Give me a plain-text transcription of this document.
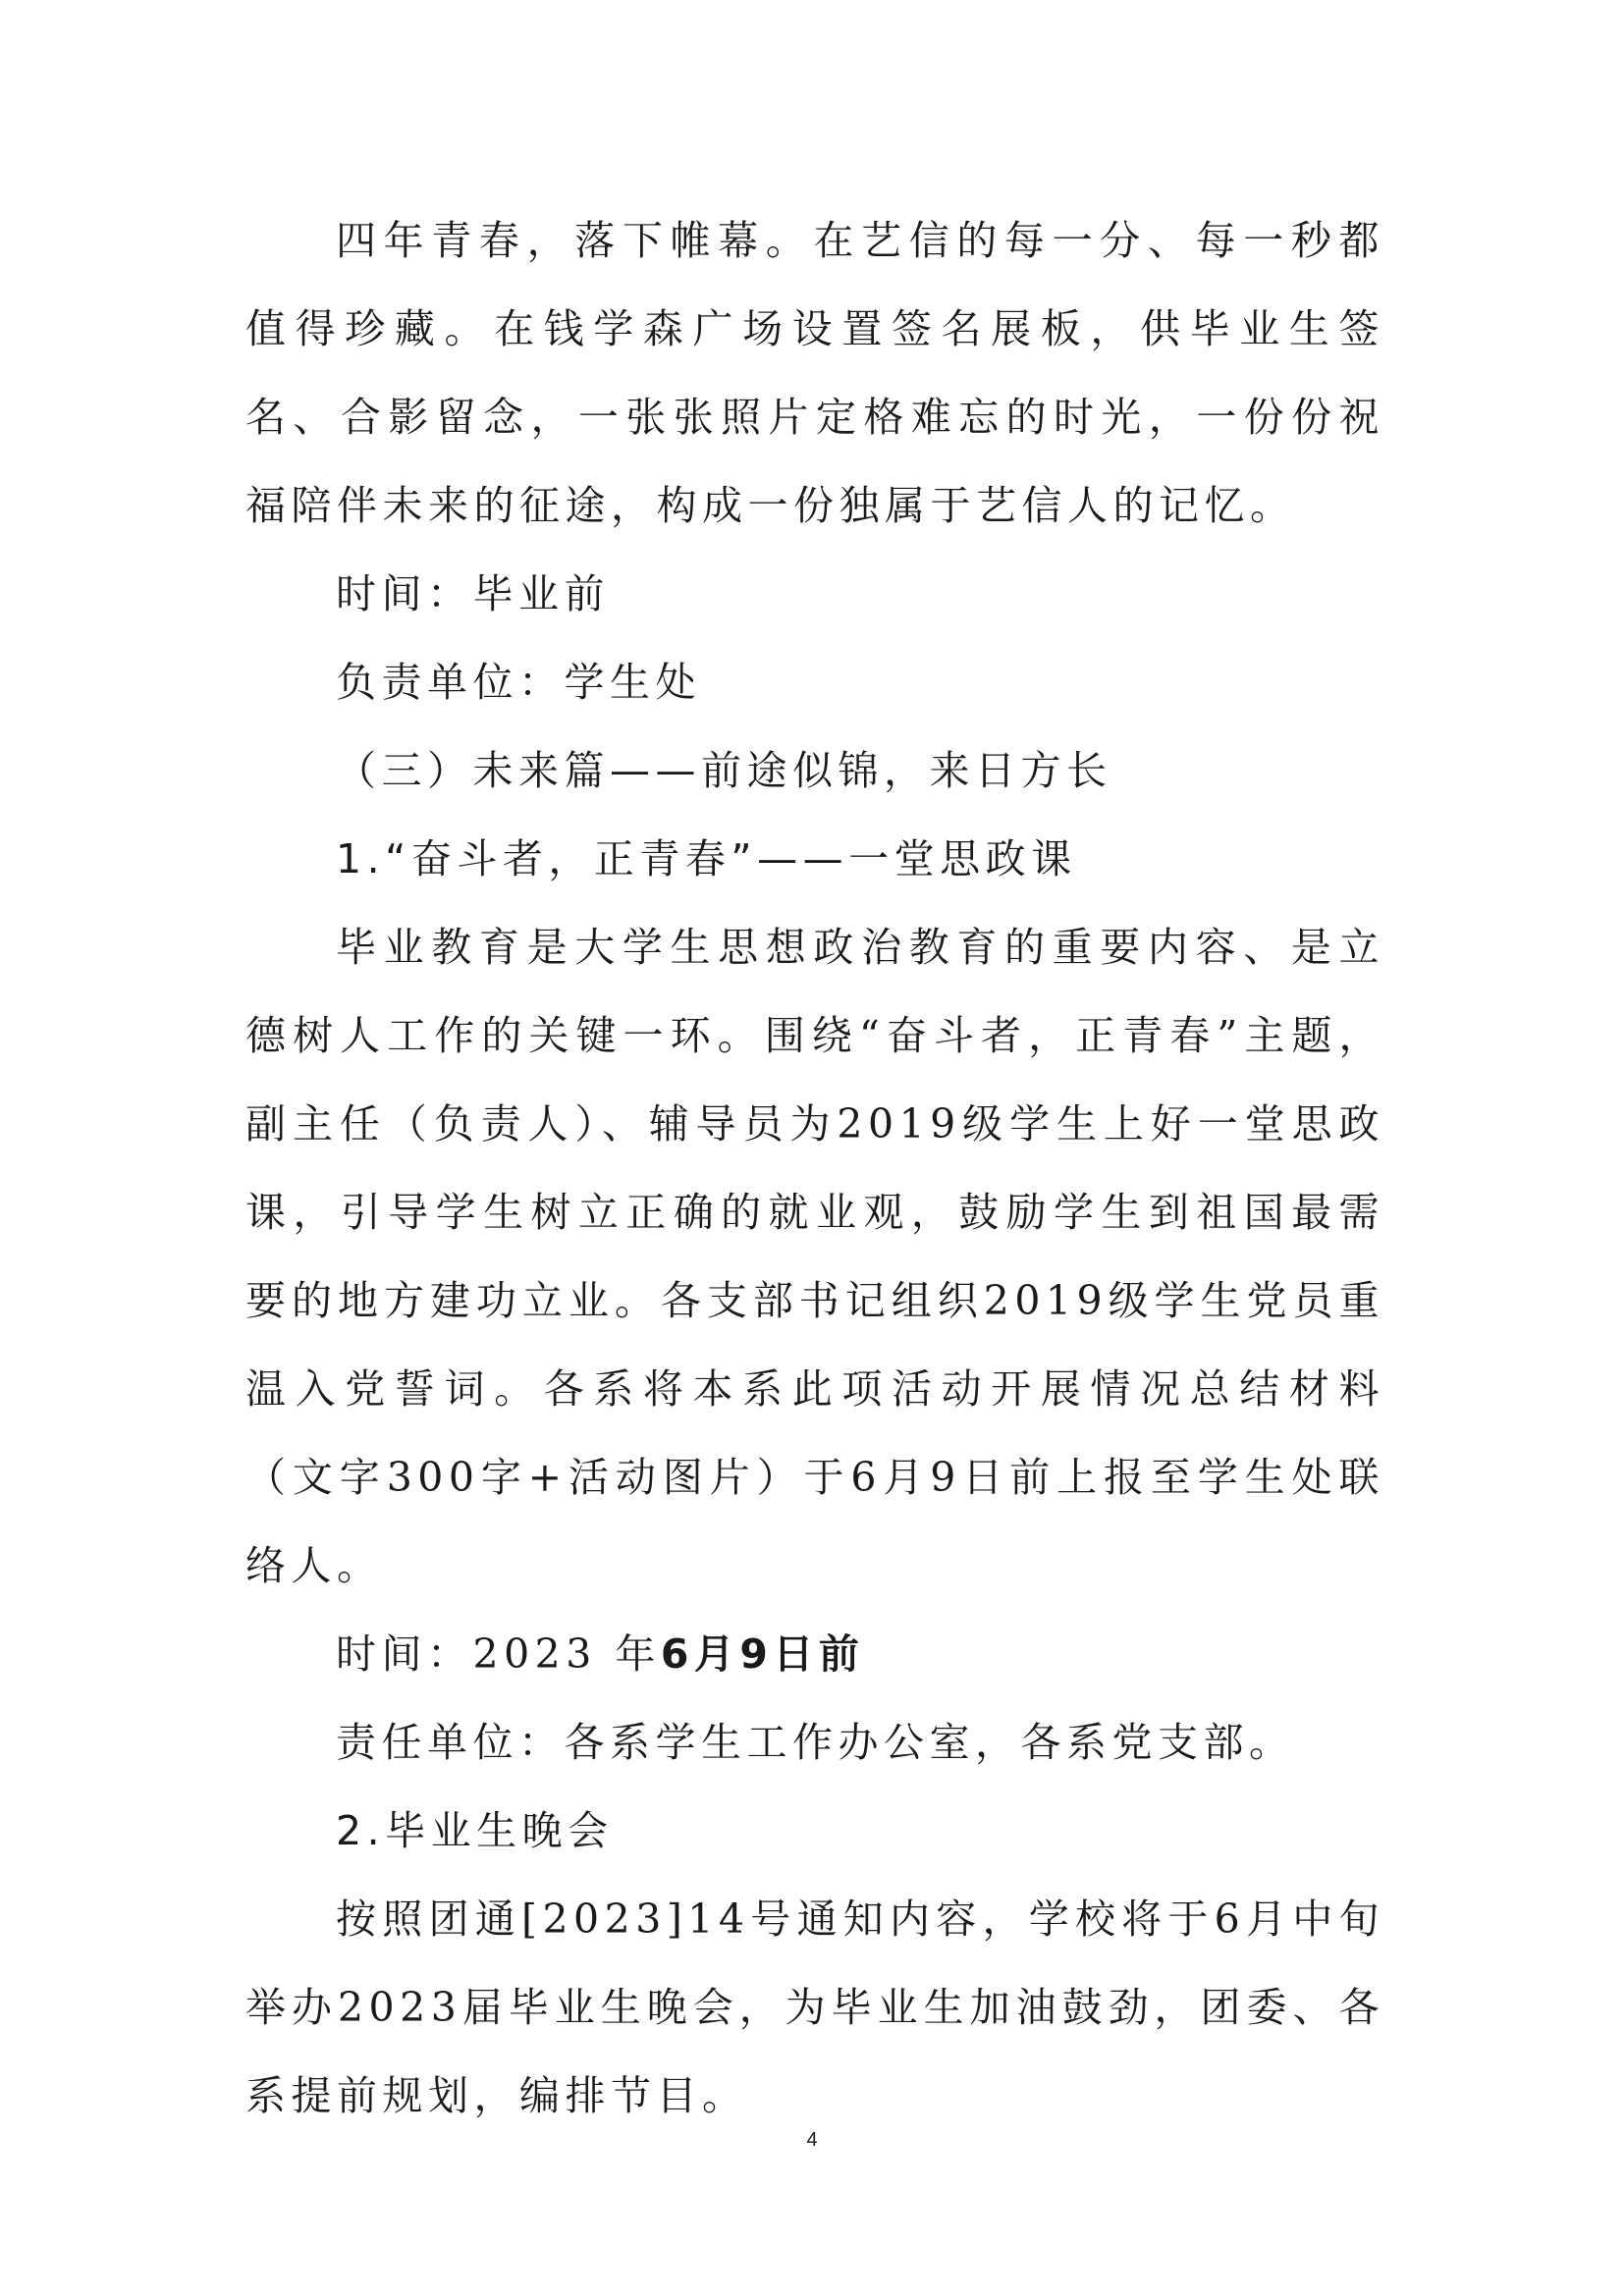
四年青春，落下帷幕。在艺信的每一分、每一秒都值得珍藏。在钱学森广场设置签名展板，供毕业生签名、合影留念，一张张照片定格难忘的时光，一份份祝福陪伴未来的征途，构成一份独属于艺信人的记忆。

时间：毕业前

负责单位：学生处

（三）未来篇——前途似锦，来日方长

1.“奋斗者，正青春”——一堂思政课

毕业教育是大学生思想政治教育的重要内容、是立德树人工作的关键一环。围绕“奋斗者，正青春”主题，副主任（负责人）、辅导员为2019级学生上好一堂思政课，引导学生树立正确的就业观，鼓励学生到祖国最需要的地方建功立业。各支部书记组织2019级学生党员重温入党誓词。各系将本系此项活动开展情况总结材料（文字300字+活动图片）于6月9日前上报至学生处联络人。

时间：2023 年6月9日前

责任单位：各系学生工作办公室，各系党支部。

2.毕业生晚会

按照团通[2023]14号通知内容，学校将于6月中旬举办2023届毕业生晚会，为毕业生加油鼓劲，团委、各系提前规划，编排节目。

4
